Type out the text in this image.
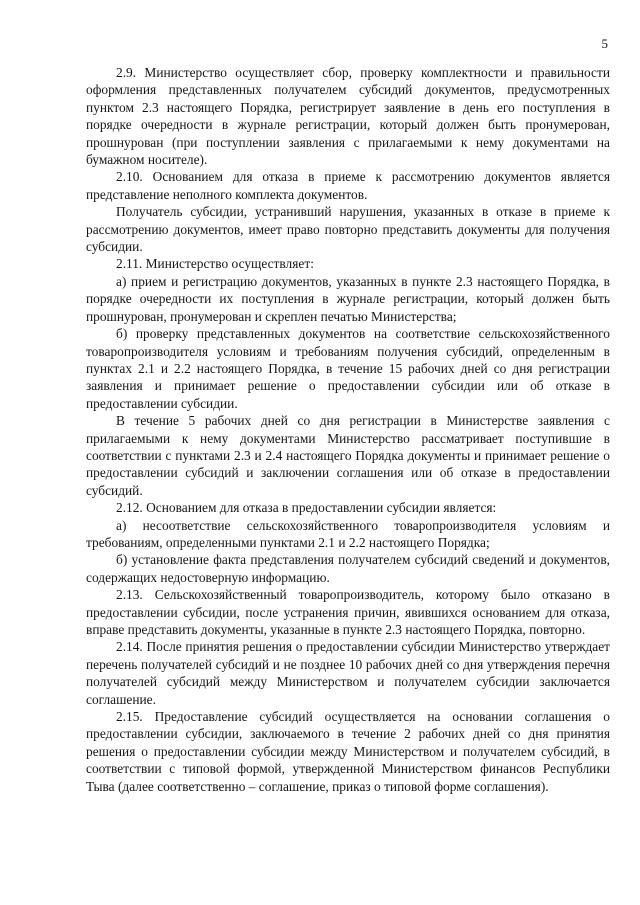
5

2.9. Министерство осуществляет сбор, проверку комплектности и правильности оформления представленных получателем субсидий документов, предусмотренных пунктом 2.3 настоящего Порядка, регистрирует заявление в день его поступления в порядке очередности в журнале регистрации, который должен быть пронумерован, прошнурован (при поступлении заявления с прилагаемыми к нему документами на бумажном носителе).

2.10. Основанием для отказа в приеме к рассмотрению документов является представление неполного комплекта документов.

Получатель субсидии, устранивший нарушения, указанных в отказе в приеме к рассмотрению документов, имеет право повторно представить документы для получения субсидии.

2.11. Министерство осуществляет:

а) прием и регистрацию документов, указанных в пункте 2.3 настоящего Порядка, в порядке очередности их поступления в журнале регистрации, который должен быть прошнурован, пронумерован и скреплен печатью Министерства;

б) проверку представленных документов на соответствие сельскохозяйственного товаропроизводителя условиям и требованиям получения субсидий, определенным в пунктах 2.1 и 2.2 настоящего Порядка, в течение 15 рабочих дней со дня регистрации заявления и принимает решение о предоставлении субсидии или об отказе в предоставлении субсидии.

В течение 5 рабочих дней со дня регистрации в Министерстве заявления с прилагаемыми к нему документами Министерство рассматривает поступившие в соответствии с пунктами 2.3 и 2.4 настоящего Порядка документы и принимает решение о предоставлении субсидий и заключении соглашения или об отказе в предоставлении субсидий.

2.12. Основанием для отказа в предоставлении субсидии является:

а) несоответствие сельскохозяйственного товаропроизводителя условиям и требованиям, определенными пунктами 2.1 и 2.2 настоящего Порядка;

б) установление факта представления получателем субсидий сведений и документов, содержащих недостоверную информацию.

2.13. Сельскохозяйственный товаропроизводитель, которому было отказано в предоставлении субсидии, после устранения причин, явившихся основанием для отказа, вправе представить документы, указанные в пункте 2.3 настоящего Порядка, повторно.

2.14. После принятия решения о предоставлении субсидии Министерство утверждает перечень получателей субсидий и не позднее 10 рабочих дней со дня утверждения перечня получателей субсидий между Министерством и получателем субсидии заключается соглашение.

2.15. Предоставление субсидий осуществляется на основании соглашения о предоставлении субсидии, заключаемого в течение 2 рабочих дней со дня принятия решения о предоставлении субсидии между Министерством и получателем субсидий, в соответствии с типовой формой, утвержденной Министерством финансов Республики Тыва (далее соответственно – соглашение, приказ о типовой форме соглашения).
